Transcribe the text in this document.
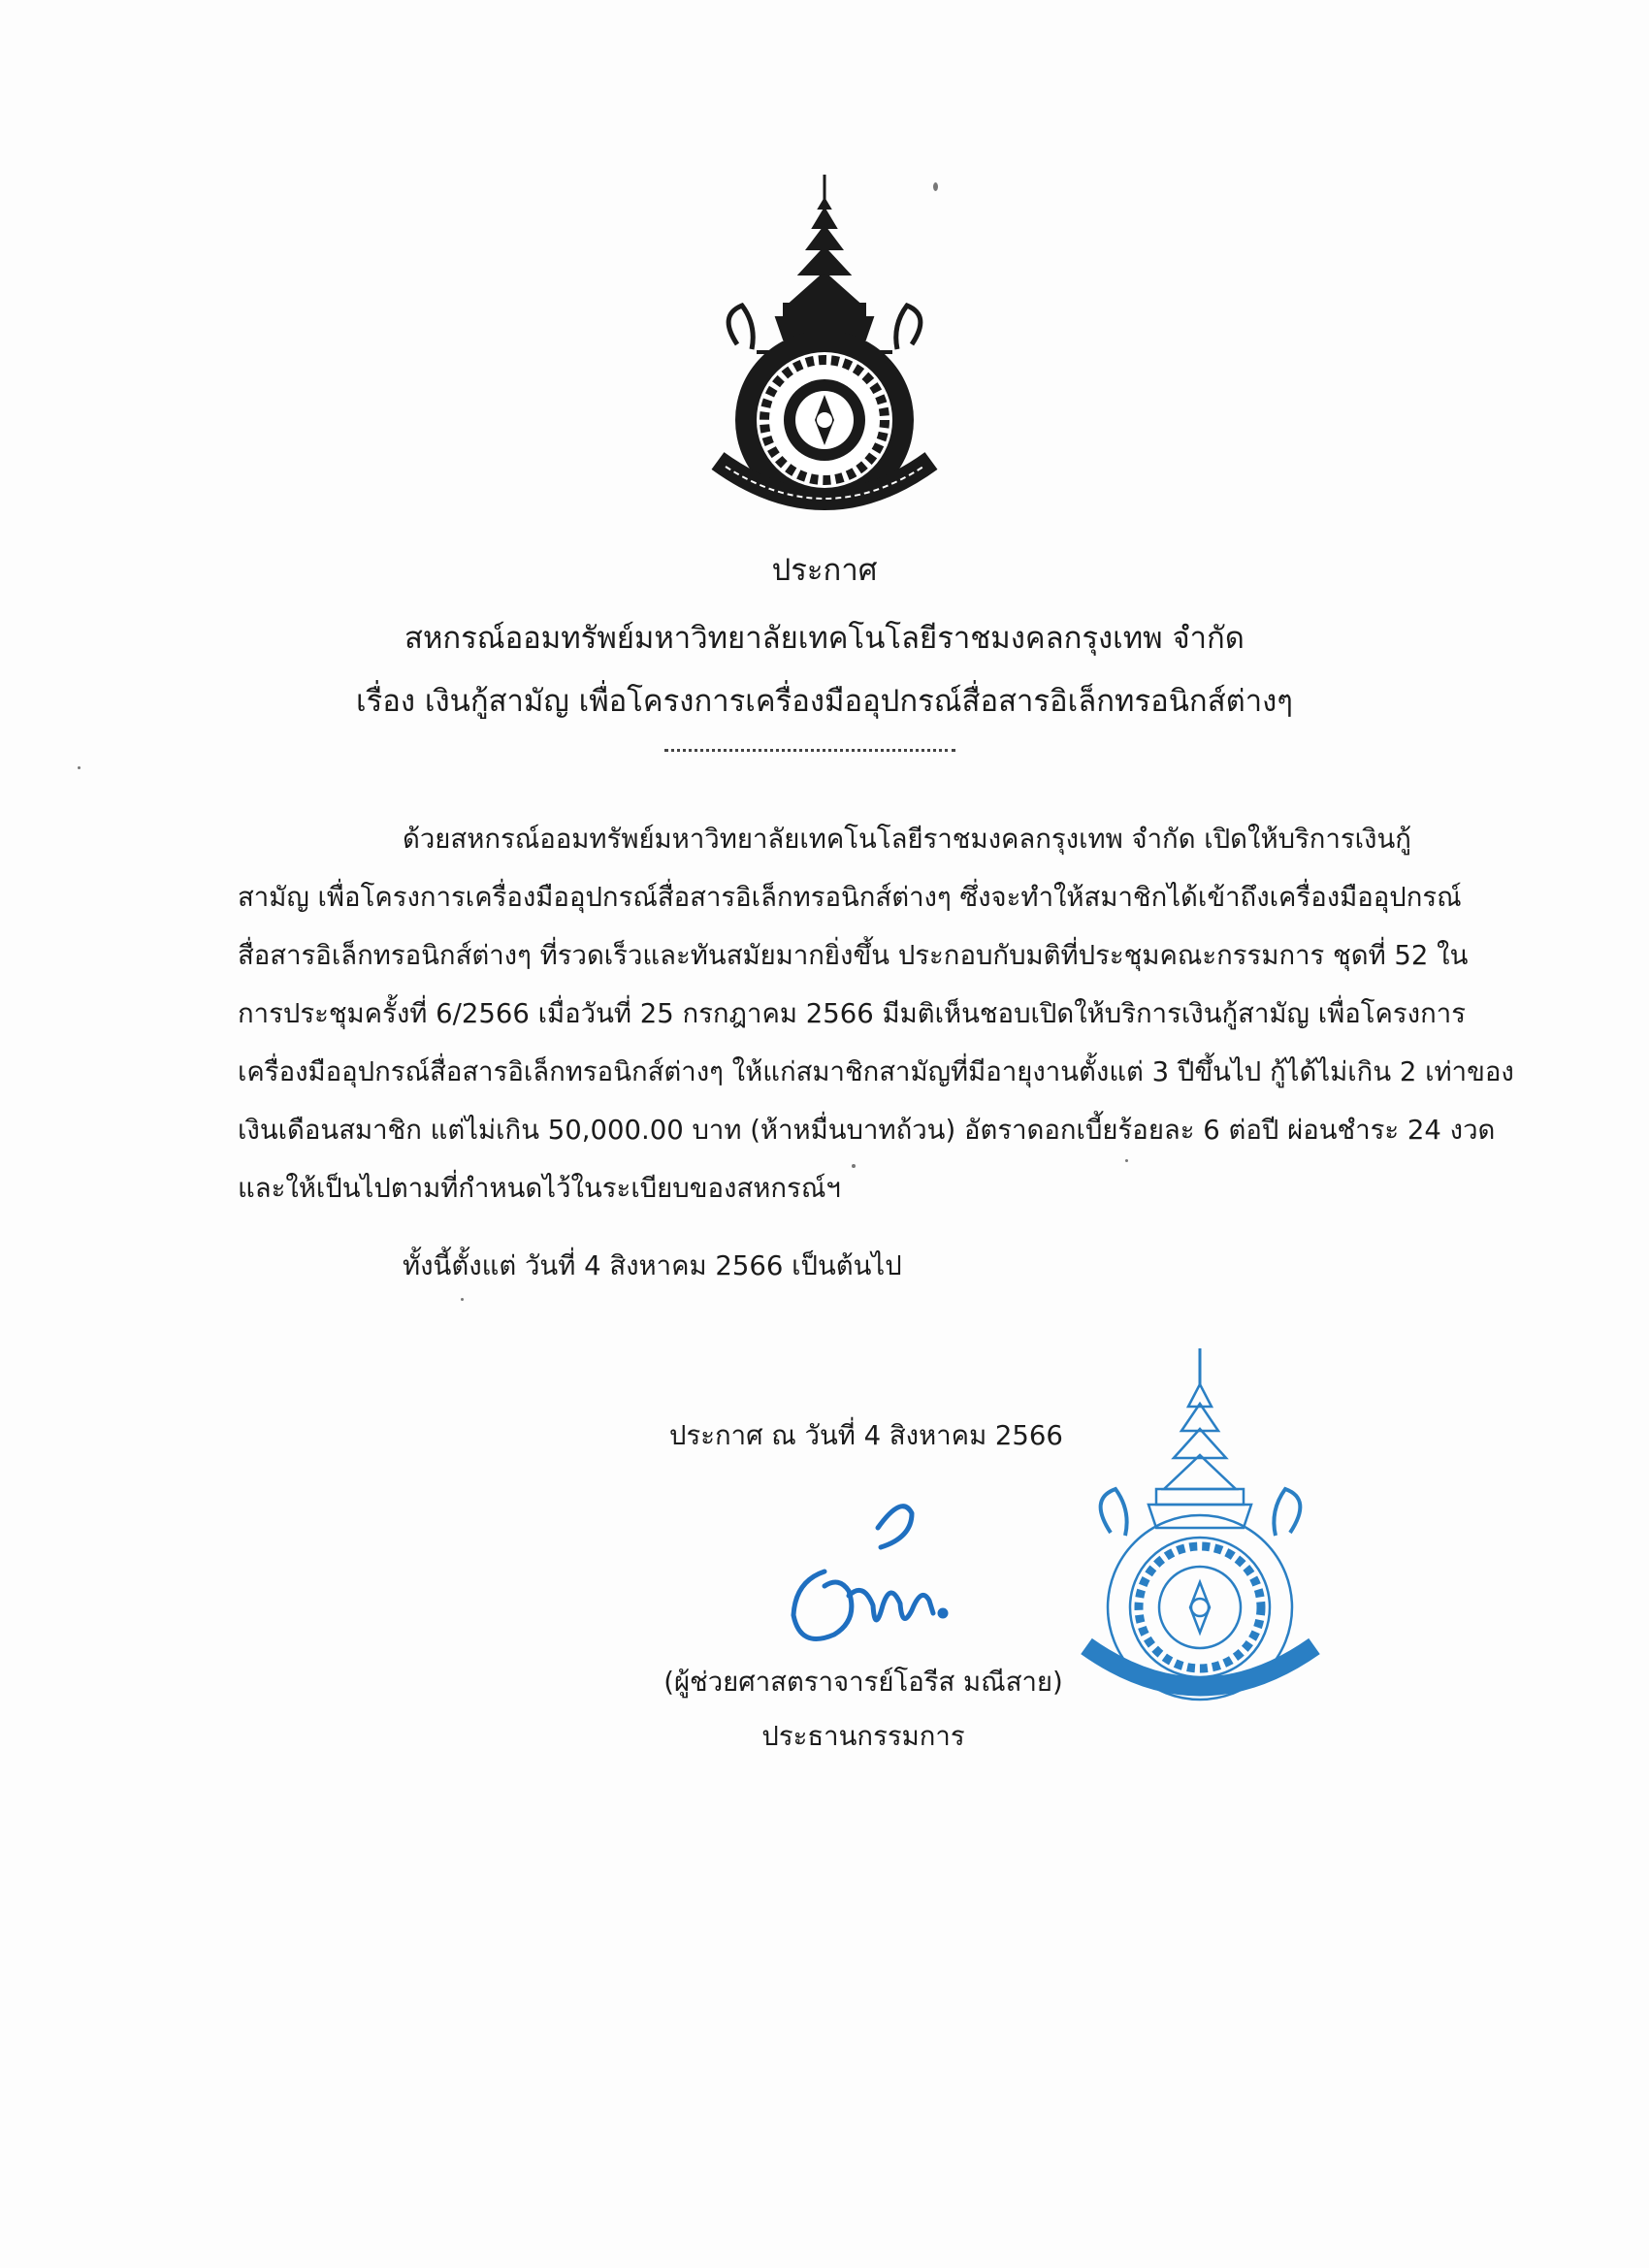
ประกาศ
สหกรณ์ออมทรัพย์มหาวิทยาลัยเทคโนโลยีราชมงคลกรุงเทพ จำกัด
เรื่อง เงินกู้สามัญ เพื่อโครงการเครื่องมืออุปกรณ์สื่อสารอิเล็กทรอนิกส์ต่างๆ
ด้วยสหกรณ์ออมทรัพย์มหาวิทยาลัยเทคโนโลยีราชมงคลกรุงเทพ จำกัด เปิดให้บริการเงินกู้
สามัญ เพื่อโครงการเครื่องมืออุปกรณ์สื่อสารอิเล็กทรอนิกส์ต่างๆ ซึ่งจะทำให้สมาชิกได้เข้าถึงเครื่องมืออุปกรณ์
สื่อสารอิเล็กทรอนิกส์ต่างๆ ที่รวดเร็วและทันสมัยมากยิ่งขึ้น ประกอบกับมติที่ประชุมคณะกรรมการ ชุดที่ 52 ใน
การประชุมครั้งที่ 6/2566 เมื่อวันที่ 25 กรกฎาคม 2566 มีมติเห็นชอบเปิดให้บริการเงินกู้สามัญ เพื่อโครงการ
เครื่องมืออุปกรณ์สื่อสารอิเล็กทรอนิกส์ต่างๆ ให้แก่สมาชิกสามัญที่มีอายุงานตั้งแต่ 3 ปีขึ้นไป กู้ได้ไม่เกิน 2 เท่าของ
เงินเดือนสมาชิก แต่ไม่เกิน 50,000.00 บาท (ห้าหมื่นบาทถ้วน) อัตราดอกเบี้ยร้อยละ 6 ต่อปี ผ่อนชำระ 24 งวด
และให้เป็นไปตามที่กำหนดไว้ในระเบียบของสหกรณ์ฯ
ทั้งนี้ตั้งแต่ วันที่ 4 สิงหาคม 2566 เป็นต้นไป
ประกาศ ณ วันที่ 4 สิงหาคม 2566
(ผู้ช่วยศาสตราจารย์โอรีส มณีสาย)
ประธานกรรมการ
